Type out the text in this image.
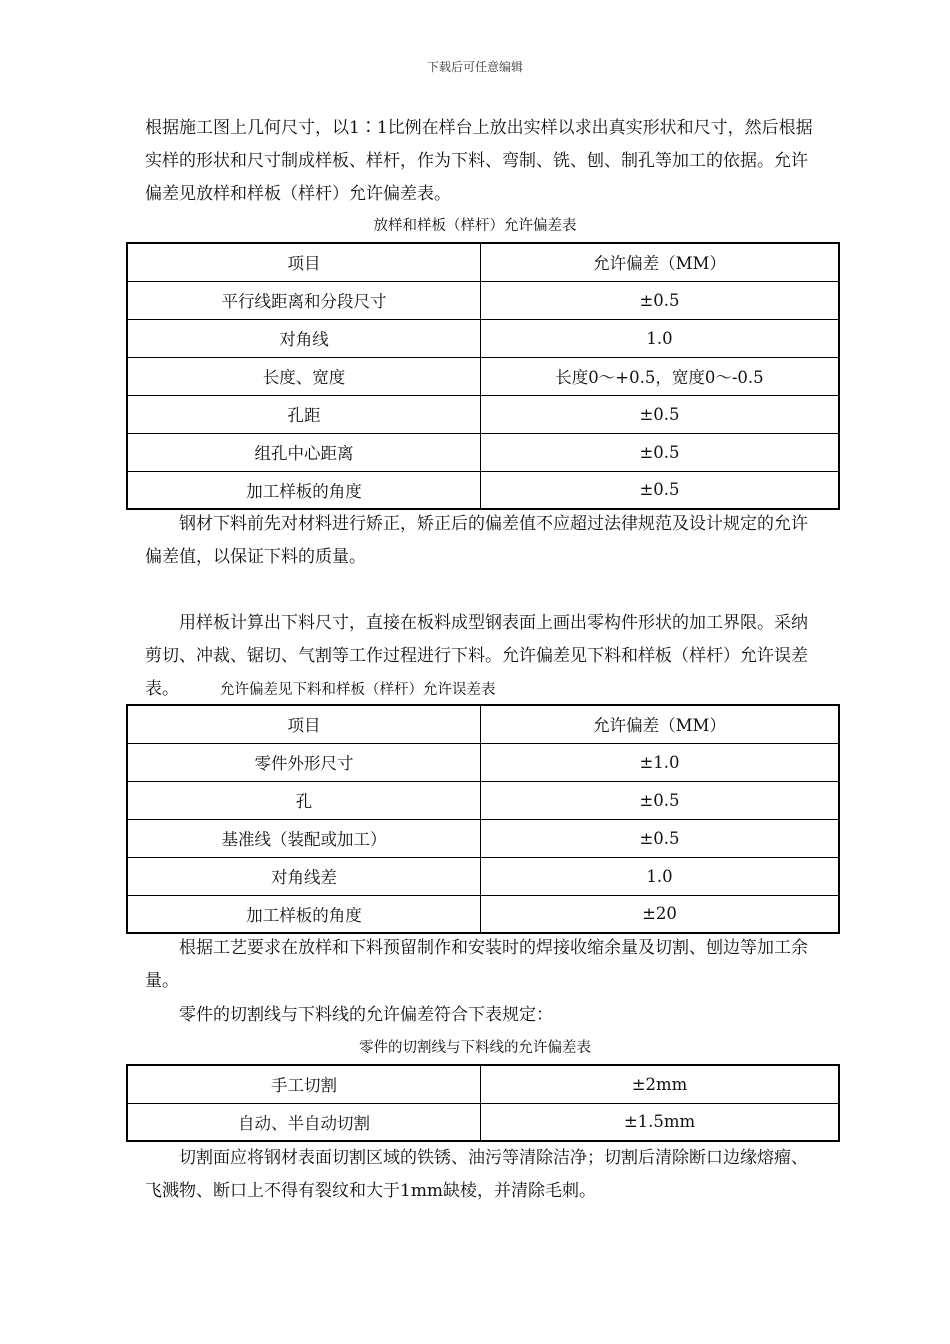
下载后可任意编辑

根据施工图上几何尺寸，以1∶1比例在样台上放出实样以求出真实形状和尺寸，然后根据实样的形状和尺寸制成样板、样杆，作为下料、弯制、铣、刨、制孔等加工的依据。允许偏差见放样和样板（样杆）允许偏差表。

放样和样板（样杆）允许偏差表

项目	允许偏差（MM）
平行线距离和分段尺寸	±0.5
对角线	1.0
长度、宽度	长度0～+0.5，宽度0～-0.5
孔距	±0.5
组孔中心距离	±0.5
加工样板的角度	±0.5

钢材下料前先对材料进行矫正，矫正后的偏差值不应超过法律规范及设计规定的允许偏差值，以保证下料的质量。

用样板计算出下料尺寸，直接在板料成型钢表面上画出零构件形状的加工界限。采纳剪切、冲裁、锯切、气割等工作过程进行下料。允许偏差见下料和样板（样杆）允许误差表。	允许偏差见下料和样板（样杆）允许误差表

项目	允许偏差（MM）
零件外形尺寸	±1.0
孔	±0.5
基准线（装配或加工）	±0.5
对角线差	1.0
加工样板的角度	±20

根据工艺要求在放样和下料预留制作和安装时的焊接收缩余量及切割、刨边等加工余量。

零件的切割线与下料线的允许偏差符合下表规定：

零件的切割线与下料线的允许偏差表

手工切割	±2mm
自动、半自动切割	±1.5mm

切割面应将钢材表面切割区域的铁锈、油污等清除洁净；切割后清除断口边缘熔瘤、飞溅物、断口上不得有裂纹和大于1mm缺棱，并清除毛刺。
